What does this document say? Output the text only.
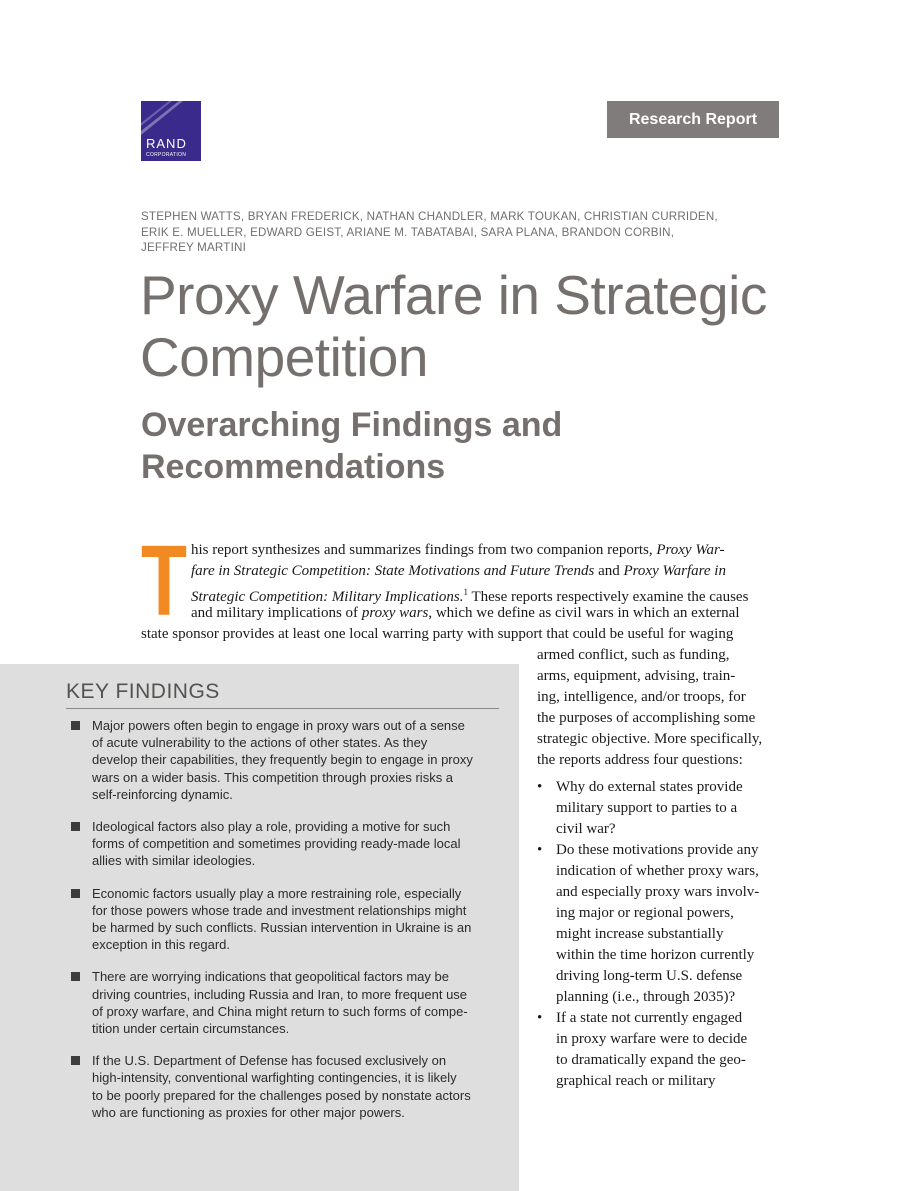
RAND
CORPORATION
Research Report
STEPHEN WATTS, BRYAN FREDERICK, NATHAN CHANDLER, MARK TOUKAN, CHRISTIAN CURRIDEN,
ERIK E. MUELLER, EDWARD GEIST, ARIANE M. TABATABAI, SARA PLANA, BRANDON CORBIN,
JEFFREY MARTINI
Proxy Warfare in Strategic
Competition
Overarching Findings and
Recommendations
T his report synthesizes and summarizes findings from two companion reports, Proxy War-
fare in Strategic Competition: State Motivations and Future Trends and Proxy Warfare in
Strategic Competition: Military Implications.$^1$ These reports respectively examine the causes
and military implications of proxy wars, which we define as civil wars in which an external
state sponsor provides at least one local warring party with support that could be useful for waging
KEY FINDINGS
Major powers often begin to engage in proxy wars out of a sense
of acute vulnerability to the actions of other states. As they
develop their capabilities, they frequently begin to engage in proxy
wars on a wider basis. This competition through proxies risks a
self-reinforcing dynamic.
Ideological factors also play a role, providing a motive for such
forms of competition and sometimes providing ready-made local
allies with similar ideologies.
Economic factors usually play a more restraining role, especially
for those powers whose trade and investment relationships might
be harmed by such conflicts. Russian intervention in Ukraine is an
exception in this regard.
There are worrying indications that geopolitical factors may be
driving countries, including Russia and Iran, to more frequent use
of proxy warfare, and China might return to such forms of compe-
tition under certain circumstances.
If the U.S. Department of Defense has focused exclusively on
high-intensity, conventional warfighting contingencies, it is likely
to be poorly prepared for the challenges posed by nonstate actors
who are functioning as proxies for other major powers.
armed conflict, such as funding,
arms, equipment, advising, train-
ing, intelligence, and/or troops, for
the purposes of accomplishing some
strategic objective. More specifically,
the reports address four questions:
• Why do external states provide
military support to parties to a
civil war?
• Do these motivations provide any
indication of whether proxy wars,
and especially proxy wars involv-
ing major or regional powers,
might increase substantially
within the time horizon currently
driving long-term U.S. defense
planning (i.e., through 2035)?
• If a state not currently engaged
in proxy warfare were to decide
to dramatically expand the geo-
graphical reach or military
